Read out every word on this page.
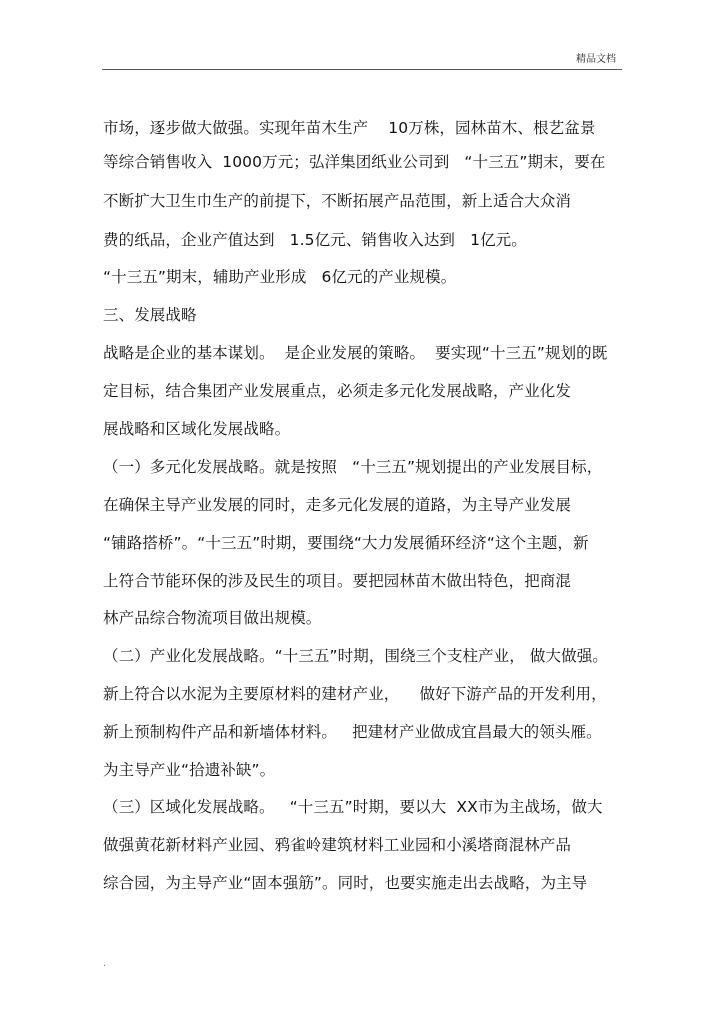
精品文档
市场，逐步做大做强。实现年苗木生产    10万株，园林苗木、根艺盆景
等综合销售收入  1000万元；弘洋集团纸业公司到   “十三五”期末，要在
不断扩大卫生巾生产的前提下，不断拓展产品范围，新上适合大众消
费的纸品，企业产值达到   1.5亿元、销售收入达到   1亿元。
“十三五”期末，辅助产业形成   6亿元的产业规模。
三、发展战略
战略是企业的基本谋划。  是企业发展的策略。  要实现“十三五”规划的既
定目标，结合集团产业发展重点，必须走多元化发展战略，产业化发
展战略和区域化发展战略。
（一）多元化发展战略。就是按照   “十三五”规划提出的产业发展目标，
在确保主导产业发展的同时，走多元化发展的道路，为主导产业发展
“铺路搭桥”。“十三五”时期，要围绕“大力发展循环经济“这个主题，新
上符合节能环保的涉及民生的项目。要把园林苗木做出特色，把商混
林产品综合物流项目做出规模。
（二）产业化发展战略。“十三五”时期，围绕三个支柱产业， 做大做强。
新上符合以水泥为主要原材料的建材产业，    做好下游产品的开发利用，
新上预制构件产品和新墙体材料。   把建材产业做成宜昌最大的领头雁。
为主导产业“拾遗补缺”。
（三）区域化发展战略。   “十三五”时期，要以大  XX市为主战场，做大
做强黄花新材料产业园、鸦雀岭建筑材料工业园和小溪塔商混林产品
综合园，为主导产业“固本强筋”。同时，也要实施走出去战略，为主导
.
